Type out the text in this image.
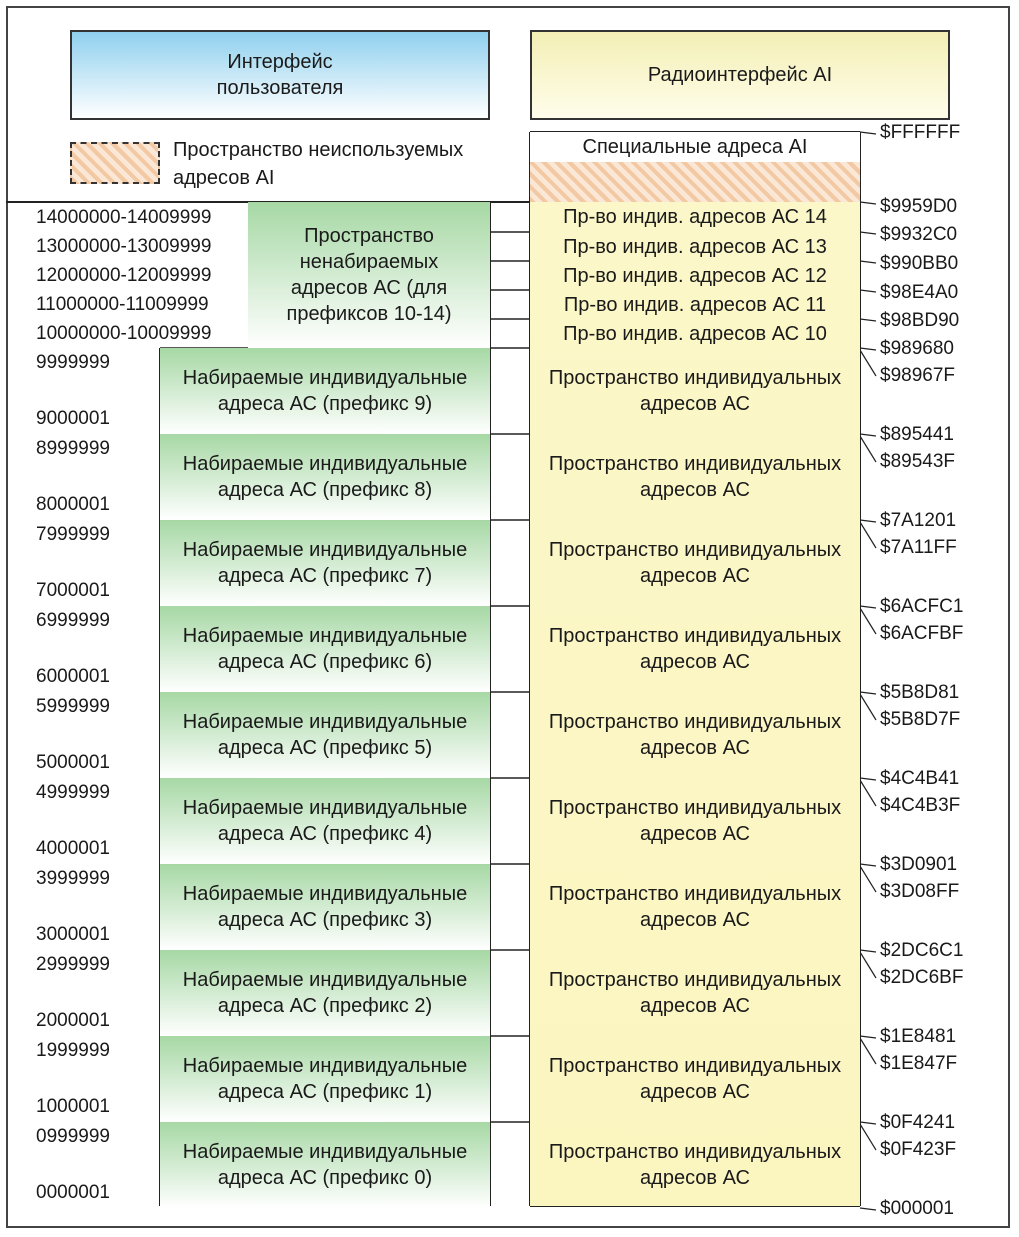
Интерфейс пользователя
Радиоинтерфейс AI
Пространство неиспользуемых адресов AI
Специальные адреса AI
Пространство ненабираемых адресов АС (для префиксов 10-14)
14000000-14009999
13000000-13009999
12000000-12009999
11000000-11009999
10000000-10009999
Пр-во индив. адресов АС 14
Пр-во индив. адресов АС 13
Пр-во индив. адресов АС 12
Пр-во индив. адресов АС 11
Пр-во индив. адресов АС 10
Набираемые индивидуальные адреса АС (префикс 9)
9999999
9000001
Пространство индивидуальных адресов АС
Набираемые индивидуальные адреса АС (префикс 8)
8999999
8000001
Пространство индивидуальных адресов АС
Набираемые индивидуальные адреса АС (префикс 7)
7999999
7000001
Пространство индивидуальных адресов АС
Набираемые индивидуальные адреса АС (префикс 6)
6999999
6000001
Пространство индивидуальных адресов АС
Набираемые индивидуальные адреса АС (префикс 5)
5999999
5000001
Пространство индивидуальных адресов АС
Набираемые индивидуальные адреса АС (префикс 4)
4999999
4000001
Пространство индивидуальных адресов АС
Набираемые индивидуальные адреса АС (префикс 3)
3999999
3000001
Пространство индивидуальных адресов АС
Набираемые индивидуальные адреса АС (префикс 2)
2999999
2000001
Пространство индивидуальных адресов АС
Набираемые индивидуальные адреса АС (префикс 1)
1999999
1000001
Пространство индивидуальных адресов АС
Набираемые индивидуальные адреса АС (префикс 0)
0999999
0000001
Пространство индивидуальных адресов АС
$FFFFFF
$9959D0
$9932C0
$990BB0
$98E4A0
$98BD90
$989680
$98967F
$895441
$89543F
$7A1201
$7A11FF
$6ACFC1
$6ACFBF
$5B8D81
$5B8D7F
$4C4B41
$4C4B3F
$3D0901
$3D08FF
$2DC6C1
$2DC6BF
$1E8481
$1E847F
$0F4241
$0F423F
$000001
